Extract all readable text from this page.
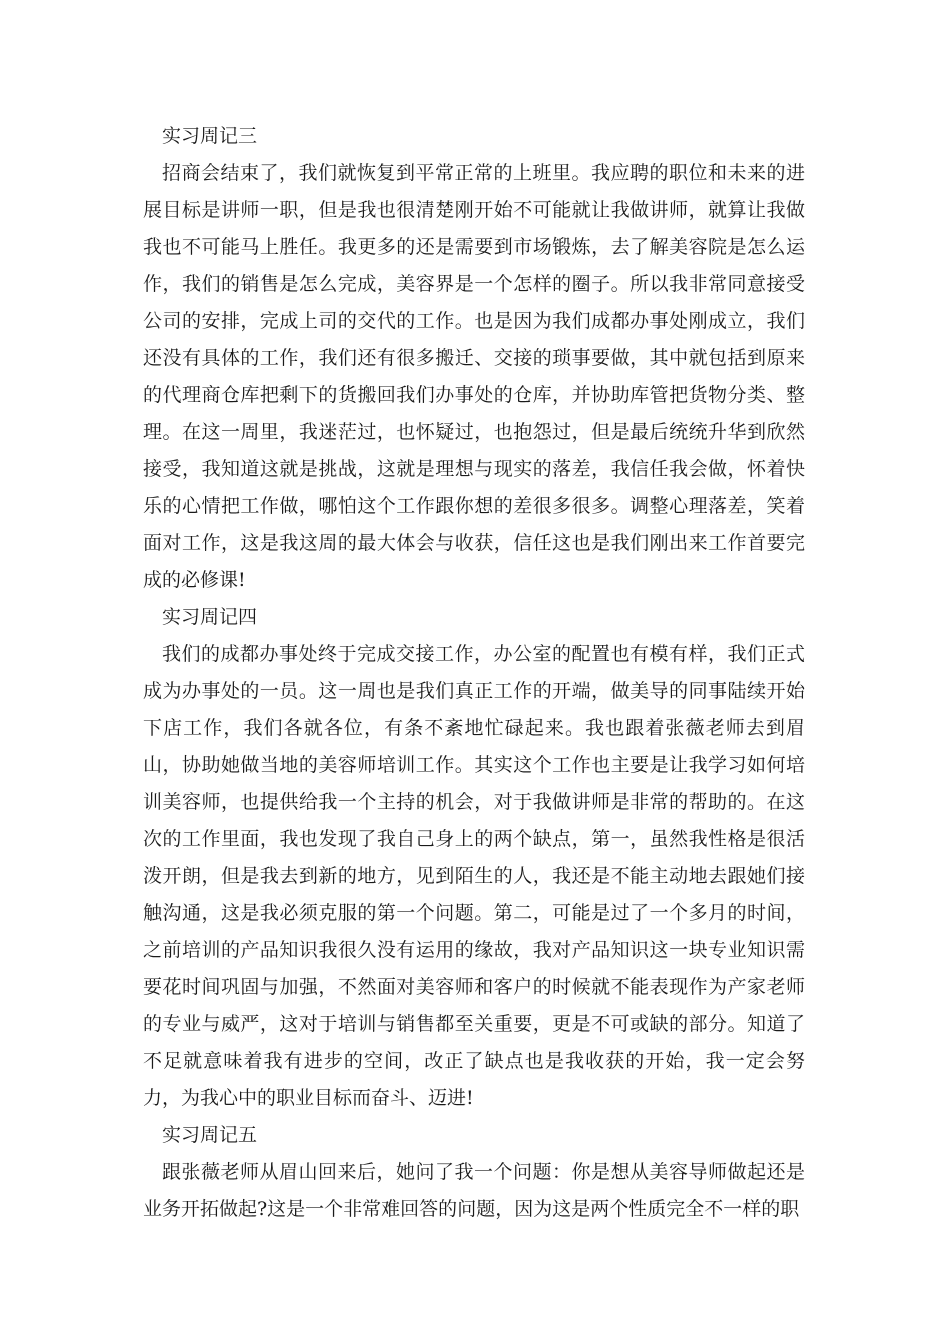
实习周记三

招商会结束了，我们就恢复到平常正常的上班里。我应聘的职位和未来的进展目标是讲师一职，但是我也很清楚刚开始不可能就让我做讲师，就算让我做我也不可能马上胜任。我更多的还是需要到市场锻炼，去了解美容院是怎么运作，我们的销售是怎么完成，美容界是一个怎样的圈子。所以我非常同意接受公司的安排，完成上司的交代的工作。也是因为我们成都办事处刚成立，我们还没有具体的工作，我们还有很多搬迁、交接的琐事要做，其中就包括到原来的代理商仓库把剩下的货搬回我们办事处的仓库，并协助库管把货物分类、整理。在这一周里，我迷茫过，也怀疑过，也抱怨过，但是最后统统升华到欣然接受，我知道这就是挑战，这就是理想与现实的落差，我信任我会做，怀着快乐的心情把工作做，哪怕这个工作跟你想的差很多很多。调整心理落差，笑着面对工作，这是我这周的最大体会与收获，信任这也是我们刚出来工作首要完成的必修课!

实习周记四

我们的成都办事处终于完成交接工作，办公室的配置也有模有样，我们正式成为办事处的一员。这一周也是我们真正工作的开端，做美导的同事陆续开始下店工作，我们各就各位，有条不紊地忙碌起来。我也跟着张薇老师去到眉山，协助她做当地的美容师培训工作。其实这个工作也主要是让我学习如何培训美容师，也提供给我一个主持的机会，对于我做讲师是非常的帮助的。在这次的工作里面，我也发现了我自己身上的两个缺点，第一，虽然我性格是很活泼开朗，但是我去到新的地方，见到陌生的人，我还是不能主动地去跟她们接触沟通，这是我必须克服的第一个问题。第二，可能是过了一个多月的时间，之前培训的产品知识我很久没有运用的缘故，我对产品知识这一块专业知识需要花时间巩固与加强，不然面对美容师和客户的时候就不能表现作为产家老师的专业与威严，这对于培训与销售都至关重要，更是不可或缺的部分。知道了不足就意味着我有进步的空间，改正了缺点也是我收获的开始，我一定会努力，为我心中的职业目标而奋斗、迈进!

实习周记五

跟张薇老师从眉山回来后，她问了我一个问题：你是想从美容导师做起还是业务开拓做起?这是一个非常难回答的问题，因为这是两个性质完全不一样的职
